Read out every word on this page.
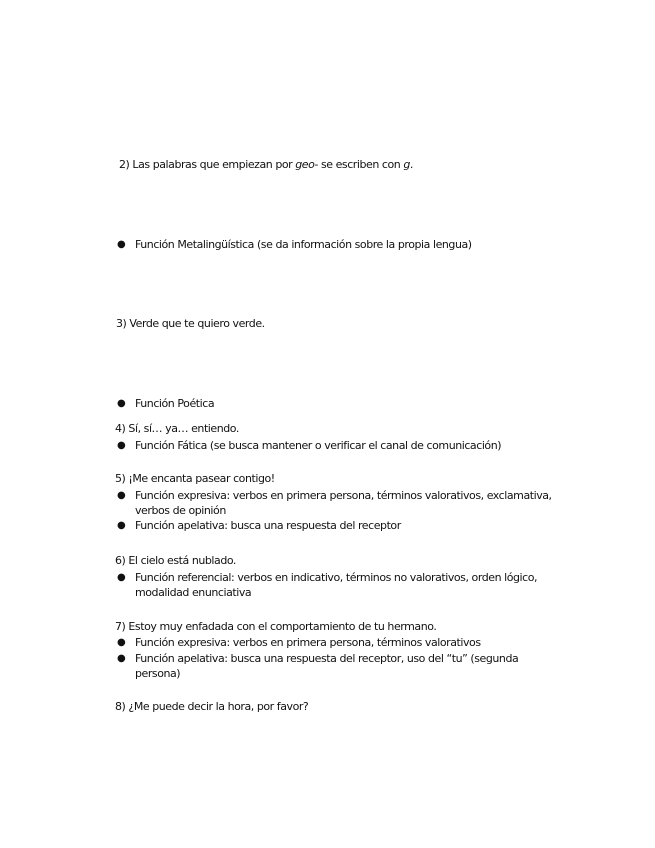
2) Las palabras que empiezan por geo- se escriben con g.
● Función Metalingüística (se da información sobre la propia lengua)
3) Verde que te quiero verde.
● Función Poética
4) Sí, sí… ya… entiendo.
● Función Fática (se busca mantener o verificar el canal de comunicación)
5) ¡Me encanta pasear contigo!
● Función expresiva: verbos en primera persona, términos valorativos, exclamativa, verbos de opinión
● Función apelativa: busca una respuesta del receptor
6) El cielo está nublado.
● Función referencial: verbos en indicativo, términos no valorativos, orden lógico, modalidad enunciativa
7) Estoy muy enfadada con el comportamiento de tu hermano.
● Función expresiva: verbos en primera persona, términos valorativos
● Función apelativa: busca una respuesta del receptor, uso del “tu” (segunda persona)
8) ¿Me puede decir la hora, por favor?
